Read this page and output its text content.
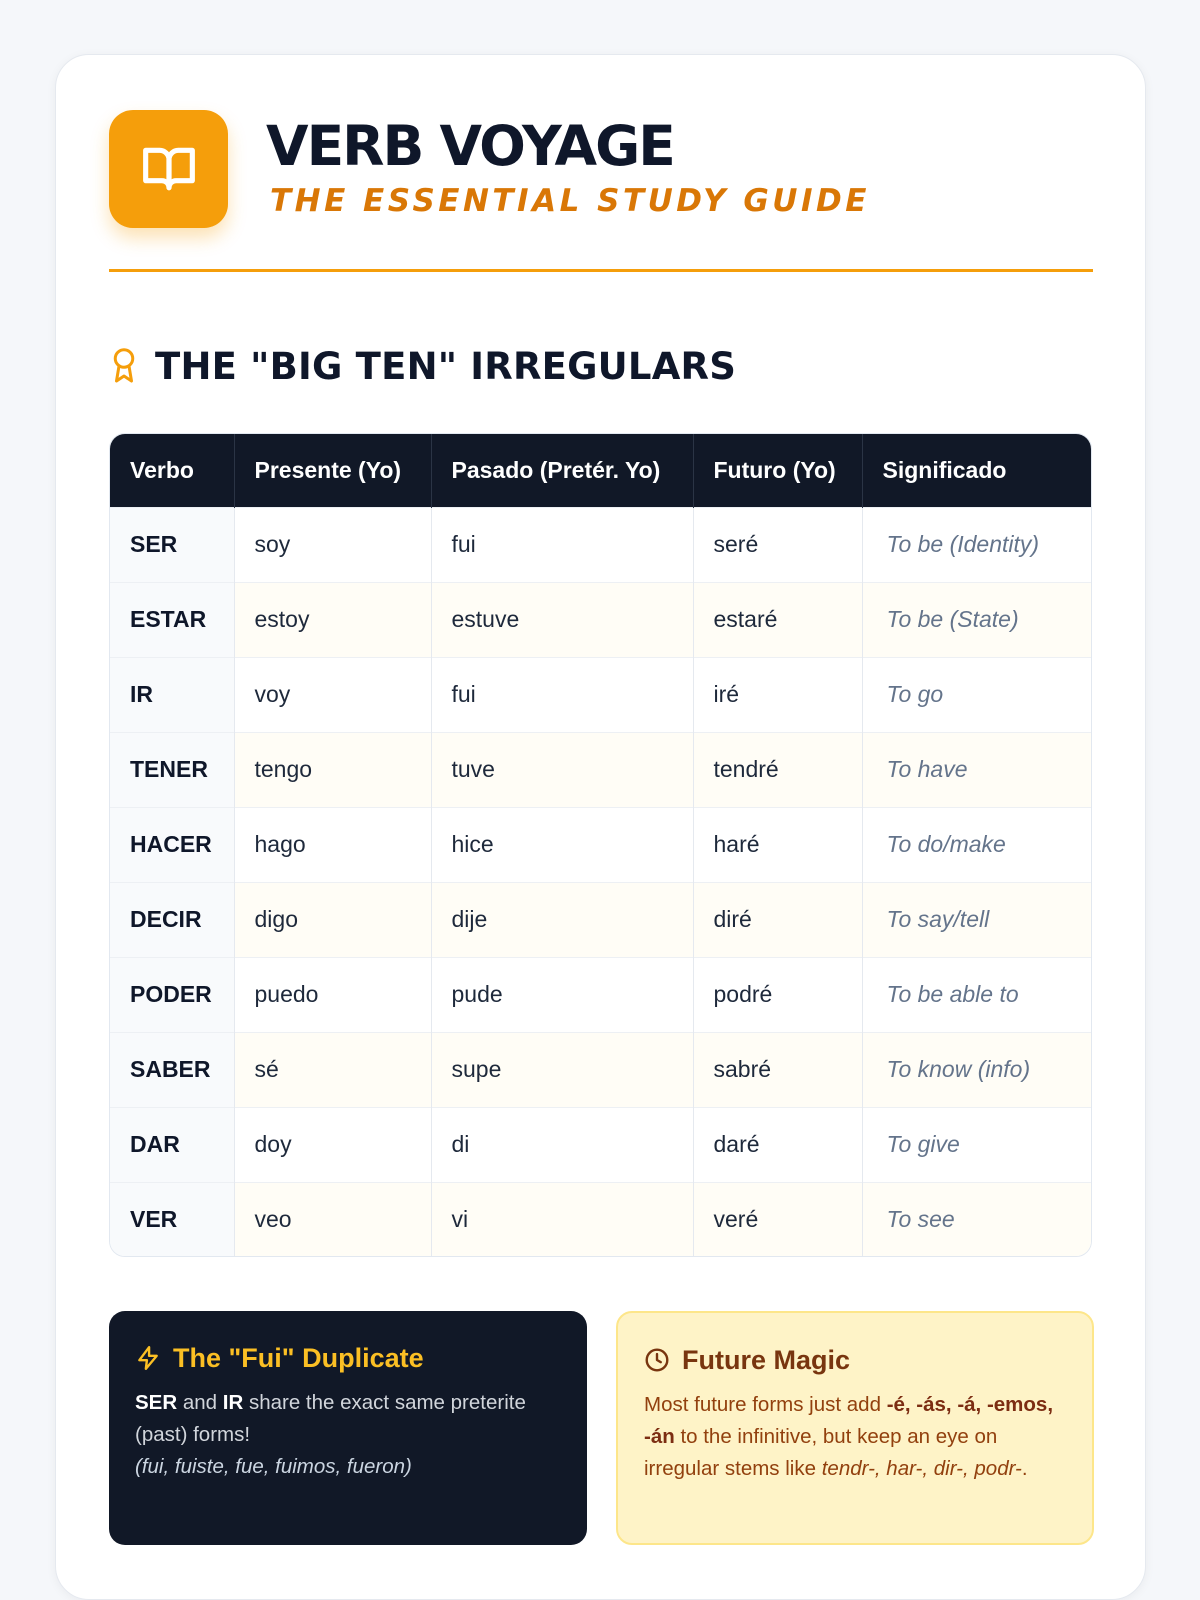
VERB VOYAGE
THE ESSENTIAL STUDY GUIDE
THE "BIG TEN" IRREGULARS
Verbo	Presente (Yo)	Pasado (Pretér. Yo)	Futuro (Yo)	Significado
SER	soy	fui	seré	To be (Identity)
ESTAR	estoy	estuve	estaré	To be (State)
IR	voy	fui	iré	To go
TENER	tengo	tuve	tendré	To have
HACER	hago	hice	haré	To do/make
DECIR	digo	dije	diré	To say/tell
PODER	puedo	pude	podré	To be able to
SABER	sé	supe	sabré	To know (info)
DAR	doy	di	daré	To give
VER	veo	vi	veré	To see
The "Fui" Duplicate
SER and IR share the exact same preterite (past) forms!
(fui, fuiste, fue, fuimos, fueron)
Future Magic
Most future forms just add -é, -ás, -á, -emos, -án to the infinitive, but keep an eye on irregular stems like tendr-, har-, dir-, podr-.
